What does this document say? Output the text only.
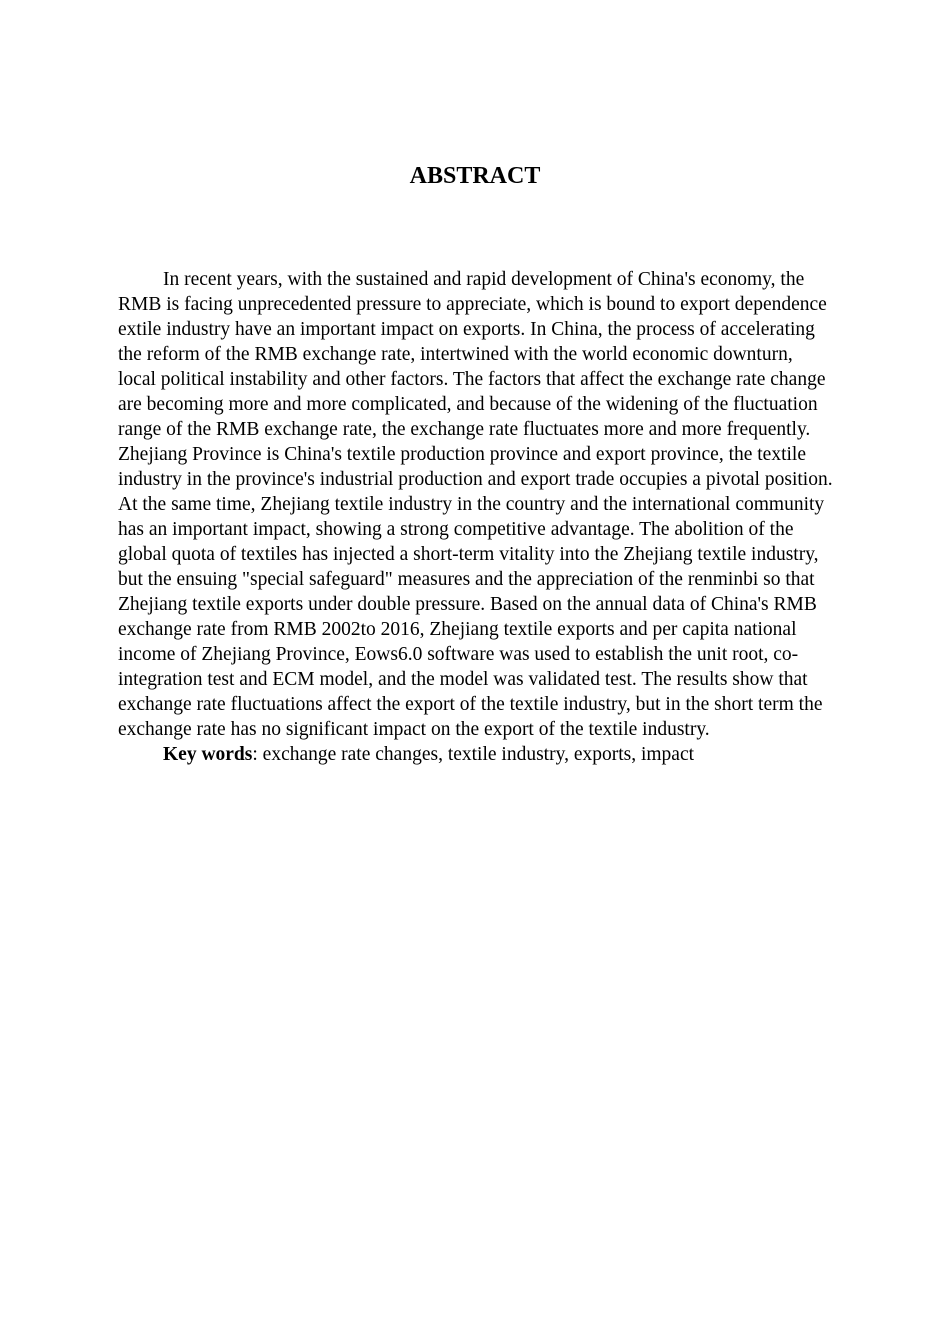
ABSTRACT

In recent years, with the sustained and rapid development of China's economy, the RMB is facing unprecedented pressure to appreciate, which is bound to export dependence extile industry have an important impact on exports. In China, the process of accelerating the reform of the RMB exchange rate, intertwined with the world economic downturn, local political instability and other factors. The factors that affect the exchange rate change are becoming more and more complicated, and because of the widening of the fluctuation range of the RMB exchange rate, the exchange rate fluctuates more and more frequently. Zhejiang Province is China's textile production province and export province, the textile industry in the province's industrial production and export trade occupies a pivotal position. At the same time, Zhejiang textile industry in the country and the international community has an important impact, showing a strong competitive advantage. The abolition of the global quota of textiles has injected a short-term vitality into the Zhejiang textile industry, but the ensuing "special safeguard" measures and the appreciation of the renminbi so that Zhejiang textile exports under double pressure. Based on the annual data of China's RMB exchange rate from RMB 2002to 2016, Zhejiang textile exports and per capita national income of Zhejiang Province, Eows6.0 software was used to establish the unit root, co-integration test and ECM model, and the model was validated test. The results show that exchange rate fluctuations affect the export of the textile industry, but in the short term the exchange rate has no significant impact on the export of the textile industry.

Key words: exchange rate changes, textile industry, exports, impact
